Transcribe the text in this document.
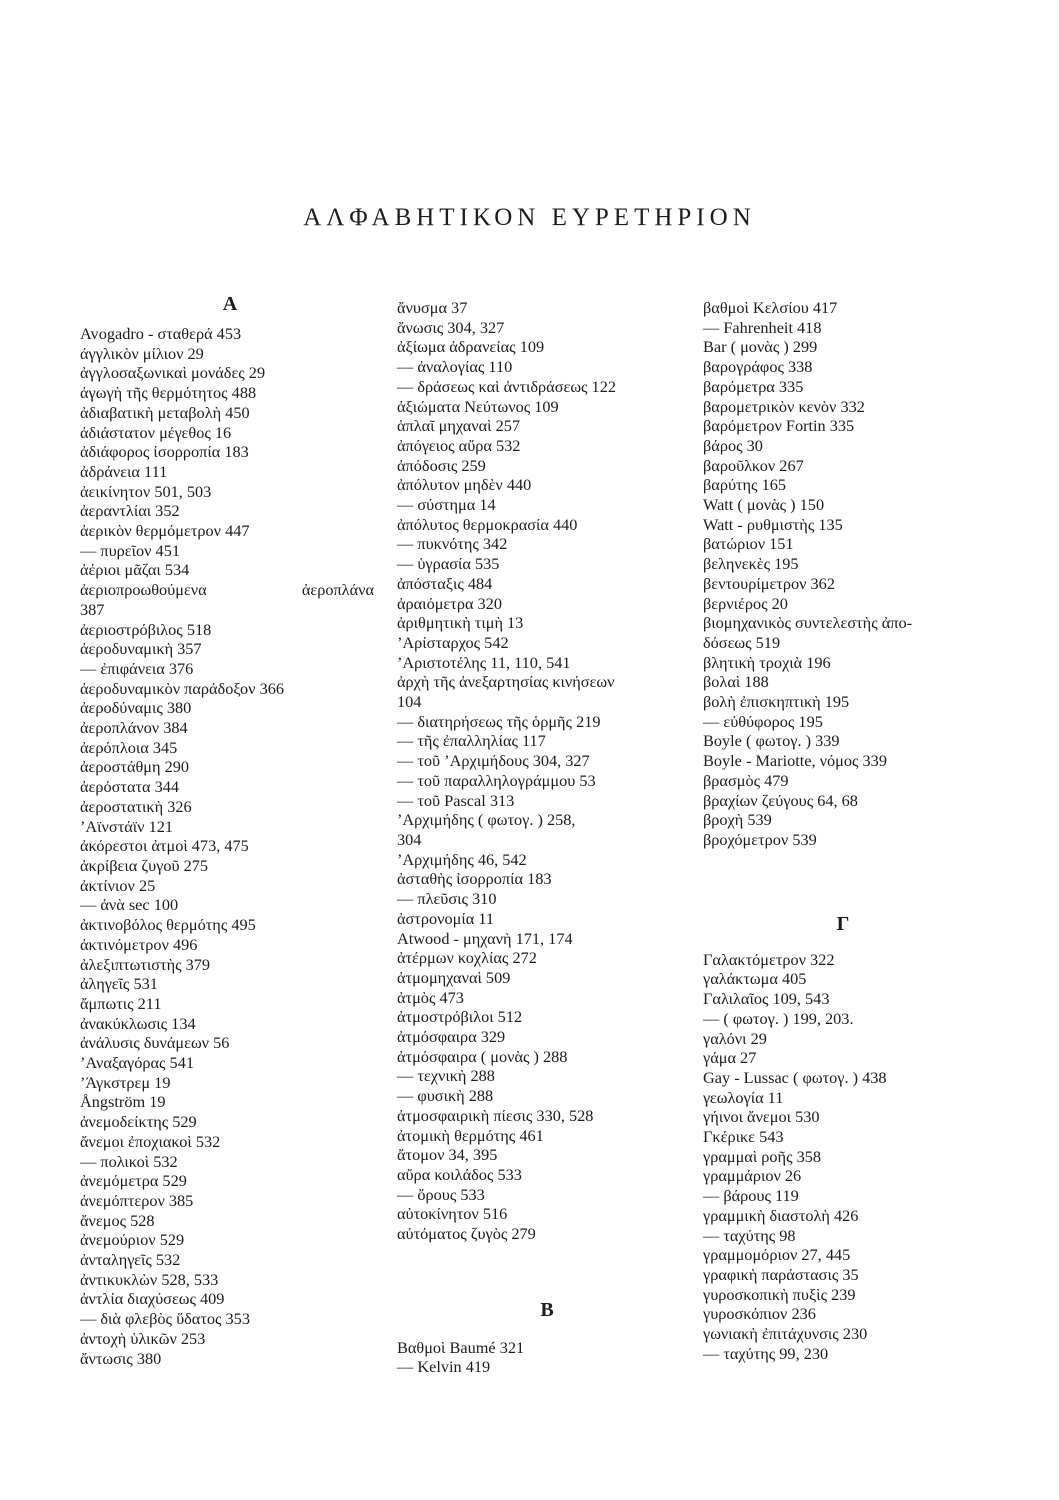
ΑΛΦΑΒΗΤΙΚΟΝ ΕΥΡΕΤΗΡΙΟΝ
Α
Avogadro - σταθερά 453
άγγλικὸν μίλιον 29
ἀγγλοσαξωνικαὶ μονάδες 29
ἀγωγὴ τῆς θερμότητος 488
ἀδιαβατικὴ μεταβολὴ 450
ἀδιάστατον μέγεθος 16
ἀδιάφορος ἰσορροπία 183
ἀδράνεια 111
ἀεικίνητον 501, 503
ἀεραντλίαι 352
ἀερικὸν θερμόμετρον 447
— πυρεῖον 451
ἀέριοι μᾶζαι 534
ἀεριοπροωθούμενα	ἀεροπλάνα
387
ἀεριοστρόβιλος 518
ἀεροδυναμικὴ 357
— ἐπιφάνεια 376
ἀεροδυναμικὸν παράδοξον 366
ἀεροδύναμις 380
ἀεροπλάνον 384
ἀερόπλοια 345
ἀεροστάθμη 290
ἀερόστατα 344
ἀεροστατικὴ 326
ʼΑϊνστάϊν 121
ἀκόρεστοι ἀτμοὶ 473, 475
ἀκρίβεια ζυγοῦ 275
ἀκτίνιον 25
— ἀνὰ sec 100
ἀκτινοβόλος θερμότης 495
ἀκτινόμετρον 496
ἀλεξιπτωτιστὴς 379
ἀληγεῖς 531
ἄμπωτις 211
ἀνακύκλωσις 134
ἀνάλυσις δυνάμεων 56
ʼΑναξαγόρας 541
ʼΆγκστρεμ 19
Ångström 19
ἀνεμοδείκτης 529
ἄνεμοι ἐποχιακοὶ 532
— πολικοὶ 532
ἀνεμόμετρα 529
ἀνεμόπτερον 385
ἄνεμος 528
ἀνεμούριον 529
ἀνταληγεῖς 532
ἀντικυκλὼν 528, 533
ἀντλία διαχύσεως 409
— διὰ φλεβὸς ὕδατος 353
ἀντοχὴ ὑλικῶν 253
ἄντωσις 380
ἄνυσμα 37
ἄνωσις 304, 327
ἀξίωμα ἀδρανείας 109
— ἀναλογίας 110
— δράσεως καὶ ἀντιδράσεως 122
ἀξιώματα Νεύτωνος 109
ἁπλαῖ μηχαναὶ 257
ἀπόγειος αὔρα 532
ἀπόδοσις 259
ἀπόλυτον μηδὲν 440
— σύστημα 14
ἀπόλυτος θερμοκρασία 440
— πυκνότης 342
— ὑγρασία 535
ἀπόσταξις 484
ἀραιόμετρα 320
ἀριθμητικὴ τιμὴ 13
ʼΑρίσταρχος 542
ʼΑριστοτέλης 11, 110, 541
ἀρχὴ τῆς ἀνεξαρτησίας κινήσεων
104
— διατηρήσεως τῆς ὁρμῆς 219
— τῆς ἐπαλληλίας 117
— τοῦ ʼΑρχιμήδους 304, 327
— τοῦ παραλληλογράμμου 53
— τοῦ Pascal 313
ʼΑρχιμήδης ( φωτογ. ) 258,
304
ʼΑρχιμήδης 46, 542
ἀσταθὴς ἰσορροπία 183
— πλεῦσις 310
ἀστρονομία 11
Atwood - μηχανὴ 171, 174
ἀτέρμων κοχλίας 272
ἀτμομηχαναὶ 509
ἀτμὸς 473
ἀτμοστρόβιλοι 512
ἀτμόσφαιρα 329
ἀτμόσφαιρα ( μονὰς ) 288
— τεχνικὴ 288
— φυσικὴ 288
ἀτμοσφαιρικὴ πίεσις 330, 528
ἀτομικὴ θερμότης 461
ἄτομον 34, 395
αὔρα κοιλάδος 533
— ὄρους 533
αὐτοκίνητον 516
αὐτόματος ζυγὸς 279
Β
Βαθμοὶ Baumé 321
— Kelvin 419
βαθμοὶ Κελσίου 417
— Fahrenheit 418
Bar ( μονὰς ) 299
βαρογράφος 338
βαρόμετρα 335
βαρομετρικὸν κενὸν 332
βαρόμετρον Fortin 335
βάρος 30
βαροῦλκον 267
βαρύτης 165
Watt ( μονὰς ) 150
Watt - ρυθμιστὴς 135
βατώριον 151
βεληνεκὲς 195
βεντουρίμετρον 362
βερνιέρος 20
βιομηχανικὸς συντελεστὴς ἀπο-
δόσεως 519
βλητικὴ τροχιὰ 196
βολαὶ 188
βολὴ ἐπισκηπτικὴ 195
— εὐθύφορος 195
Boyle ( φωτογ. ) 339
Boyle - Mariotte, νόμος 339
βρασμὸς 479
βραχίων ζεύγους 64, 68
βροχὴ 539
βροχόμετρον 539
Γ
Γαλακτόμετρον 322
γαλάκτωμα 405
Γαλιλαῖος 109, 543
— ( φωτογ. ) 199, 203.
γαλόνι 29
γάμα 27
Gay - Lussac ( φωτογ. ) 438
γεωλογία 11
γήινοι ἄνεμοι 530
Γκέρικε 543
γραμμαὶ ροῆς 358
γραμμάριον 26
— βάρους 119
γραμμικὴ διαστολὴ 426
— ταχύτης 98
γραμμομόριον 27, 445
γραφικὴ παράστασις 35
γυροσκοπικὴ πυξὶς 239
γυροσκόπιον 236
γωνιακὴ ἐπιτάχυνσις 230
— ταχύτης 99, 230
